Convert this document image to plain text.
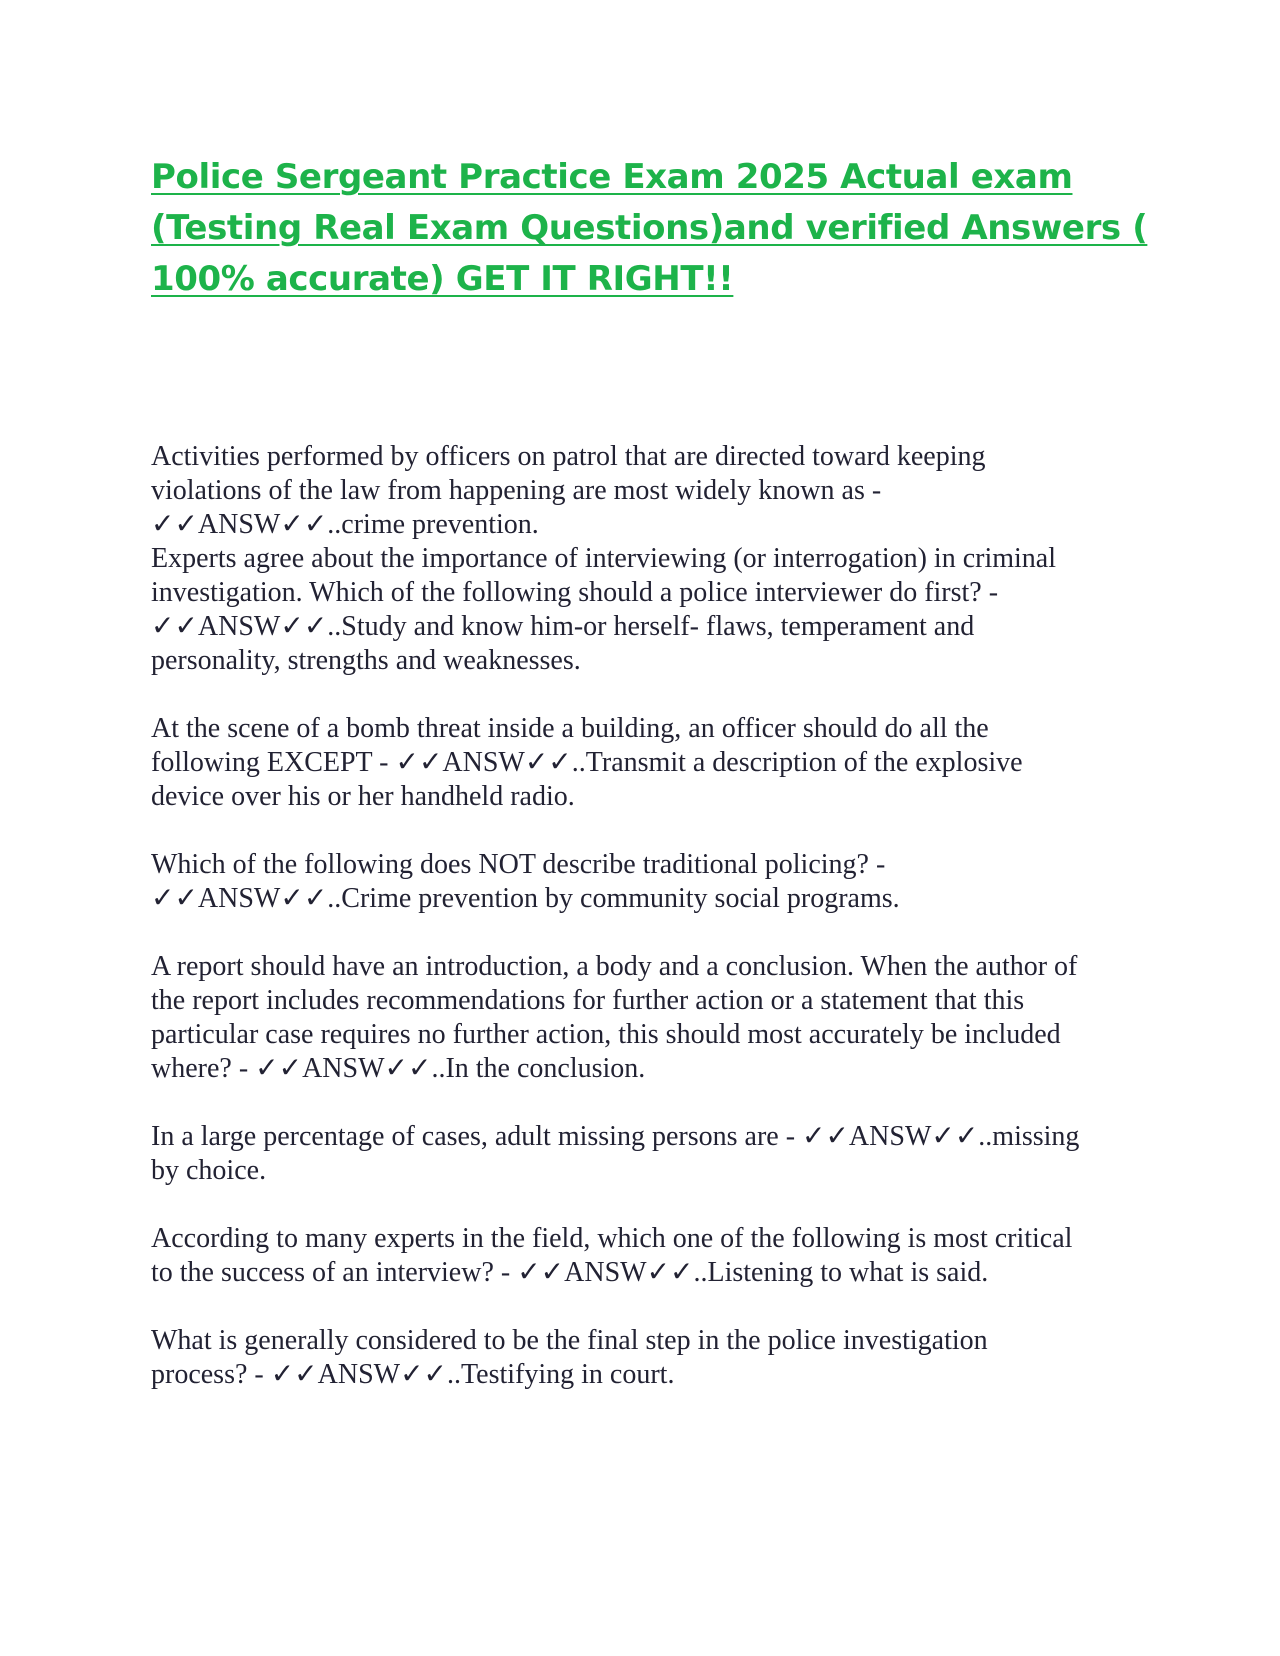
Police Sergeant Practice Exam 2025 Actual exam
(Testing Real Exam Questions)and verified Answers (
100% accurate) GET IT RIGHT!!

Activities performed by officers on patrol that are directed toward keeping
violations of the law from happening are most widely known as -
✓✓ANSW✓✓..crime prevention.

Experts agree about the importance of interviewing (or interrogation) in criminal
investigation. Which of the following should a police interviewer do first? -
✓✓ANSW✓✓..Study and know him-or herself- flaws, temperament and
personality, strengths and weaknesses.

At the scene of a bomb threat inside a building, an officer should do all the
following EXCEPT - ✓✓ANSW✓✓..Transmit a description of the explosive
device over his or her handheld radio.

Which of the following does NOT describe traditional policing? -
✓✓ANSW✓✓..Crime prevention by community social programs.

A report should have an introduction, a body and a conclusion. When the author of
the report includes recommendations for further action or a statement that this
particular case requires no further action, this should most accurately be included
where? - ✓✓ANSW✓✓..In the conclusion.

In a large percentage of cases, adult missing persons are - ✓✓ANSW✓✓..missing
by choice.

According to many experts in the field, which one of the following is most critical
to the success of an interview? - ✓✓ANSW✓✓..Listening to what is said.

What is generally considered to be the final step in the police investigation
process? - ✓✓ANSW✓✓..Testifying in court.
